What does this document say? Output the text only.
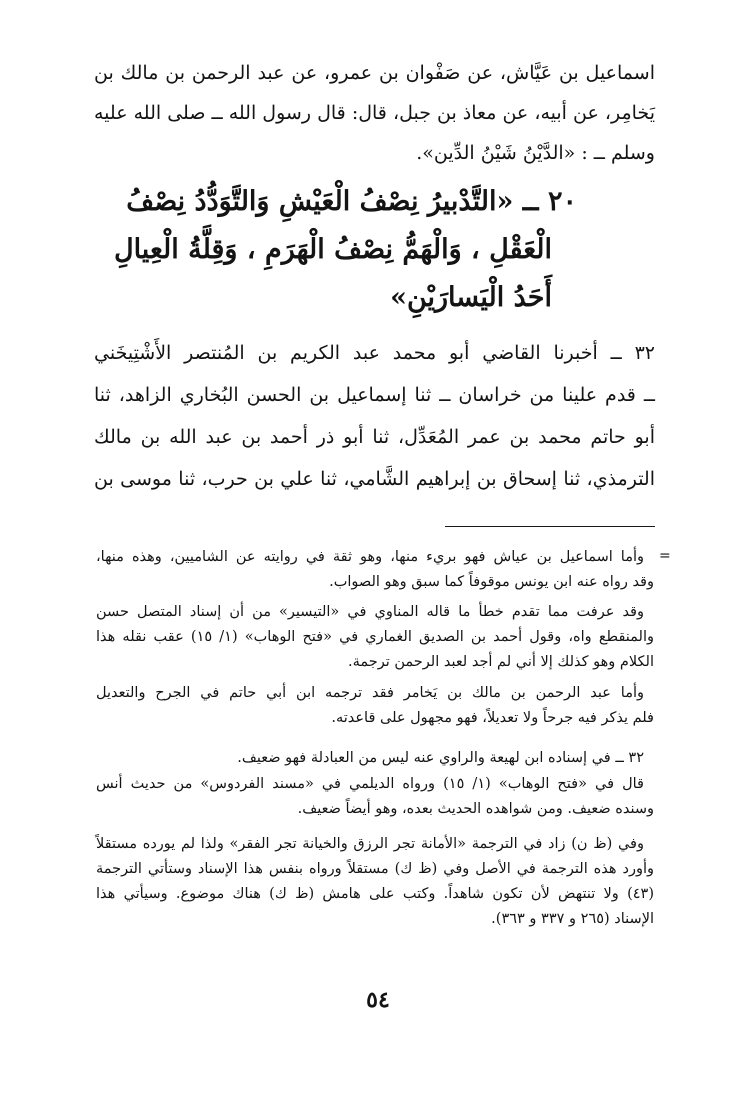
اسماعيل بن عَيَّاش، عن صَفْوان بن عمرو، عن عبد الرحمن بن مالك بن
يَخامِر، عن أبيه، عن معاذ بن جبل، قال: قال رسول الله ــ صلى الله عليه
وسلم ــ : «الدَّيْنُ شَيْنُ الدِّين».
٢٠ ــ «التَّدْبيرُ نِصْفُ الْعَيْشِ وَالتَّوَدُّدُ نِصْفُ
الْعَقْلِ ، وَالْهَمُّ نِصْفُ الْهَرَمِ ، وَقِلَّةُ الْعِيالِ
أَحَدُ الْيَسارَيْنِ»
٣٢ ــ أخبرنا القاضي أبو محمد عبد الكريم بن المُنتصر الأَشْتِيخَني
ــ قدم علينا من خراسان ــ ثنا إسماعيل بن الحسن البُخاري الزاهد، ثنا
أبو حاتم محمد بن عمر المُعَدِّل، ثنا أبو ذر أحمد بن عبد الله بن مالك
الترمذي، ثنا إسحاق بن إبراهيم الشَّامي، ثنا علي بن حرب، ثنا موسى بن
=
وأما اسماعيل بن عياش فهو بريء منها، وهو ثقة في روايته عن الشاميين، وهذه منها،
وقد رواه عنه ابن يونس موقوفاً كما سبق وهو الصواب.
وقد عرفت مما تقدم خطأ ما قاله المناوي في «التيسير» من أن إسناد المتصل حسن
والمنقطع واه، وقول أحمد بن الصديق الغماري في «فتح الوهاب» (١/ ١٥) عقب نقله هذا
الكلام وهو كذلك إلا أني لم أجد لعبد الرحمن ترجمة.
وأما عبد الرحمن بن مالك بن يَخامر فقد ترجمه ابن أبي حاتم في الجرح والتعديل
فلم يذكر فيه جرحاً ولا تعديلاً، فهو مجهول على قاعدته.
٣٢ ــ في إسناده ابن لهيعة والراوي عنه ليس من العبادلة فهو ضعيف.
قال في «فتح الوهاب» (١/ ١٥) ورواه الديلمي في «مسند الفردوس» من حديث أنس
وسنده ضعيف. ومن شواهده الحديث بعده، وهو أيضاً ضعيف.
وفي (ظ ن) زاد في الترجمة «الأمانة تجر الرزق والخيانة تجر الفقر» ولذا لم يورده مستقلاً
وأورد هذه الترجمة في الأصل وفي (ظ ك) مستقلاً ورواه بنفس هذا الإسناد وستأتي الترجمة
(٤٣) ولا تنتهض لأن تكون شاهداً. وكتب على هامش (ظ ك) هناك موضوع. وسيأتي هذا
الإسناد (٢٦٥ و ٣٣٧ و ٣٦٣).
٥٤
